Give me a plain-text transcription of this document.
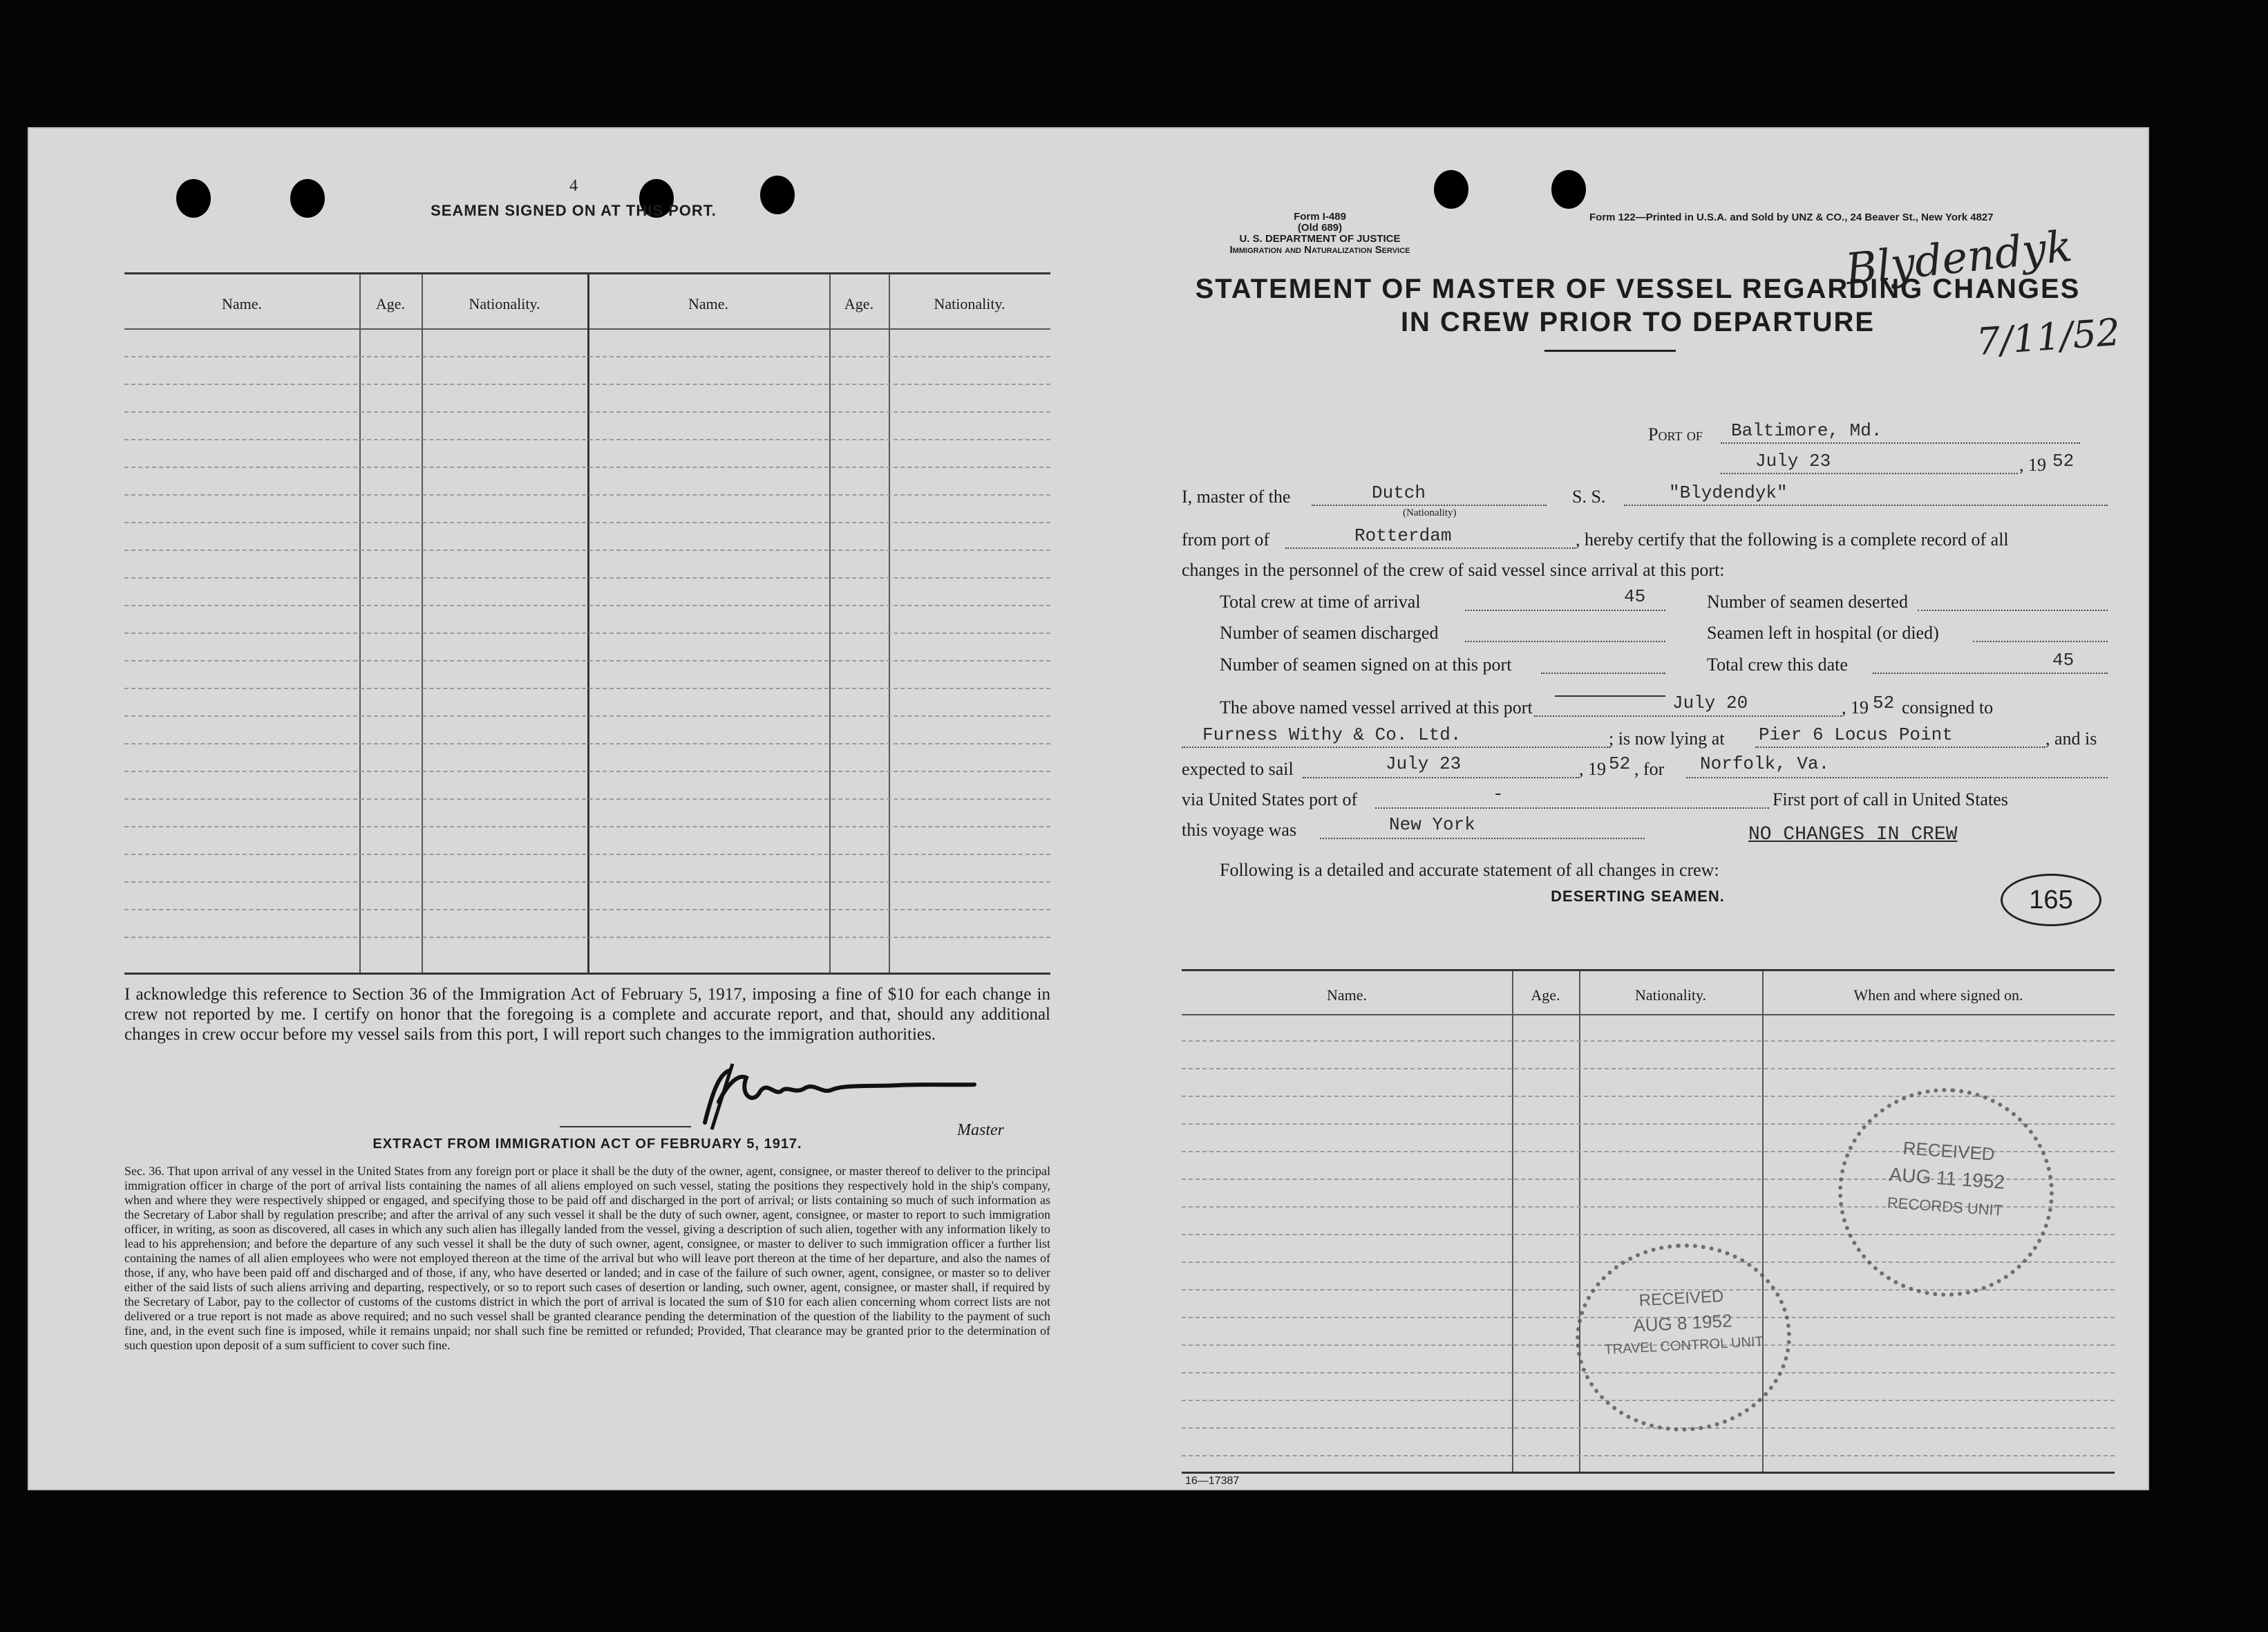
4
SEAMEN SIGNED ON AT THIS PORT.
Name.	Age.	Nationality.	Name.	Age.	Nationality.
I acknowledge this reference to Section 36 of the Immigration Act of February 5, 1917, imposing a fine of $10 for each change in crew not reported by me. I certify on honor that the foregoing is a complete and accurate report, and that, should any additional changes in crew occur before my vessel sails from this port, I will report such changes to the immigration authorities.
Master
EXTRACT FROM IMMIGRATION ACT OF FEBRUARY 5, 1917.
Sec. 36. That upon arrival of any vessel in the United States from any foreign port or place it shall be the duty of the owner, agent, consignee, or master thereof to deliver to the principal immigration officer in charge of the port of arrival lists containing the names of all aliens employed on such vessel, stating the positions they respectively hold in the ship's company, when and where they were respectively shipped or engaged, and specifying those to be paid off and discharged in the port of arrival; or lists containing so much of such information as the Secretary of Labor shall by regulation prescribe; and after the arrival of any such vessel it shall be the duty of such owner, agent, consignee, or master to report to such immigration officer, in writing, as soon as discovered, all cases in which any such alien has illegally landed from the vessel, giving a description of such alien, together with any information likely to lead to his apprehension; and before the departure of any such vessel it shall be the duty of such owner, agent, consignee, or master to deliver to such immigration officer a further list containing the names of all alien employees who were not employed thereon at the time of the arrival but who will leave port thereon at the time of her departure, and also the names of those, if any, who have been paid off and discharged and of those, if any, who have deserted or landed; and in case of the failure of such owner, agent, consignee, or master so to deliver either of the said lists of such aliens arriving and departing, respectively, or so to report such cases of desertion or landing, such owner, agent, consignee, or master shall, if required by the Secretary of Labor, pay to the collector of customs of the customs district in which the port of arrival is located the sum of $10 for each alien concerning whom correct lists are not delivered or a true report is not made as above required; and no such vessel shall be granted clearance pending the determination of the question of the liability to the payment of such fine, and, in the event such fine is imposed, while it remains unpaid; nor shall such fine be remitted or refunded; Provided, That clearance may be granted prior to the determination of such question upon deposit of a sum sufficient to cover such fine.
Form I-489
(Old 689)
U. S. DEPARTMENT OF JUSTICE
Immigration and Naturalization Service
Form 122—Printed in U.S.A. and Sold by UNZ & CO., 24 Beaver St., New York 4827
Blydendyk
7/11/52
STATEMENT OF MASTER OF VESSEL REGARDING CHANGES
IN CREW PRIOR TO DEPARTURE
Port of Baltimore, Md.
July 23	, 19 52
I, master of the	Dutch
(Nationality)
S. S.	"Blydendyk"
from port of	Rotterdam	, hereby certify that the following is a complete record of all
changes in the personnel of the crew of said vessel since arrival at this port:
Total crew at time of arrival	45	Number of seamen deserted
Number of seamen discharged	Seamen left in hospital (or died)
Number of seamen signed on at this port	Total crew this date	45
The above named vessel arrived at this port	July 20	, 19 52 consigned to
Furness Withy & Co. Ltd.	; is now lying at Pier 6 Locus Point	, and is
expected to sail	July 23	, 19 52 , for Norfolk, Va.
via United States port of	-	First port of call in United States
this voyage was	New York	NO CHANGES IN CREW
Following is a detailed and accurate statement of all changes in crew:
DESERTING SEAMEN.	165
Name.	Age.	Nationality.	When and where signed on.
RECEIVED
AUG 11 1952
RECORDS UNIT
RECEIVED
AUG 8 1952
TRAVEL CONTROL UNIT
16—17387
